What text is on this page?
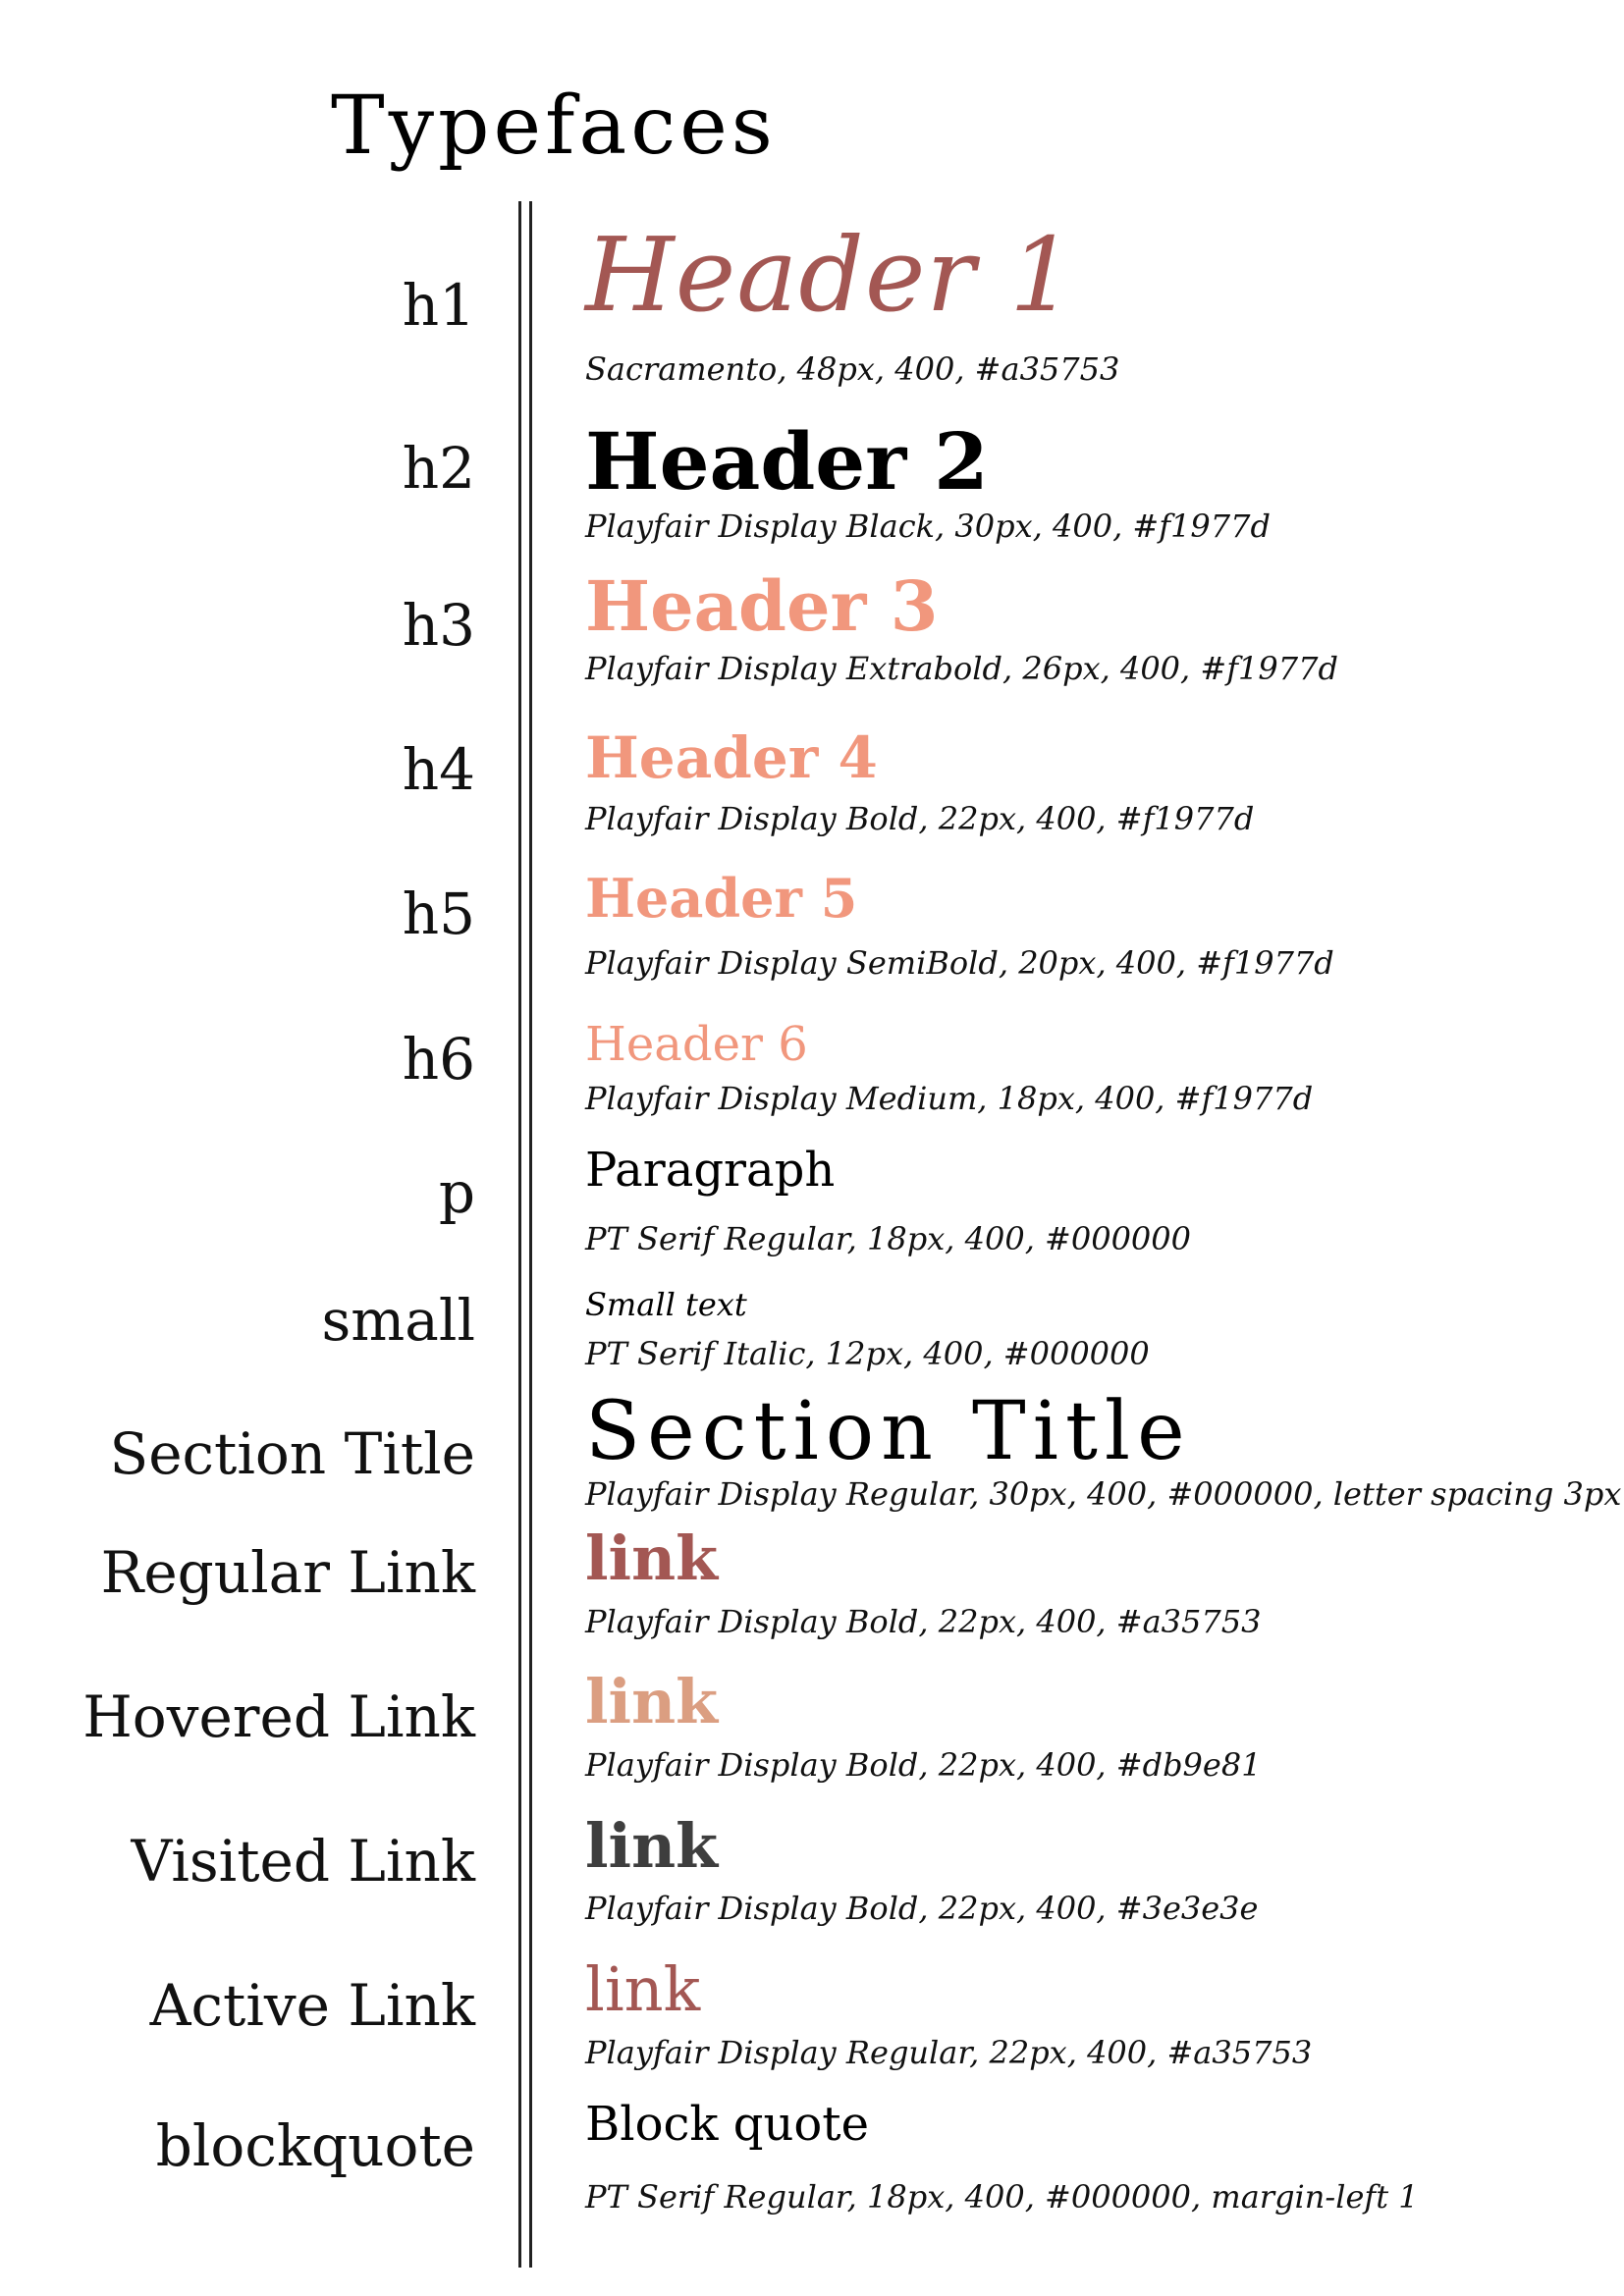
Typefaces
h1 Header 1
Sacramento, 48px, 400, #a35753
h2 Header 2
Playfair Display Black, 30px, 400, #f1977d
h3 Header 3
Playfair Display Extrabold, 26px, 400, #f1977d
h4 Header 4
Playfair Display Bold, 22px, 400, #f1977d
h5 Header 5
Playfair Display SemiBold, 20px, 400, #f1977d
h6 Header 6
Playfair Display Medium, 18px, 400, #f1977d
p Paragraph
PT Serif Regular, 18px, 400, #000000
small	Small text
PT Serif Italic, 12px, 400, #000000
Section Title Section Title
Playfair Display Regular, 30px, 400, #000000, letter spacing 3px
Regular Link link
Playfair Display Bold, 22px, 400, #a35753
Hovered Link link
Playfair Display Bold, 22px, 400, #db9e81
Visited Link link
Playfair Display Bold, 22px, 400, #3e3e3e
Active Link link
Playfair Display Regular, 22px, 400, #a35753
blockquote Block quote
PT Serif Regular, 18px, 400, #000000, margin-left 1
